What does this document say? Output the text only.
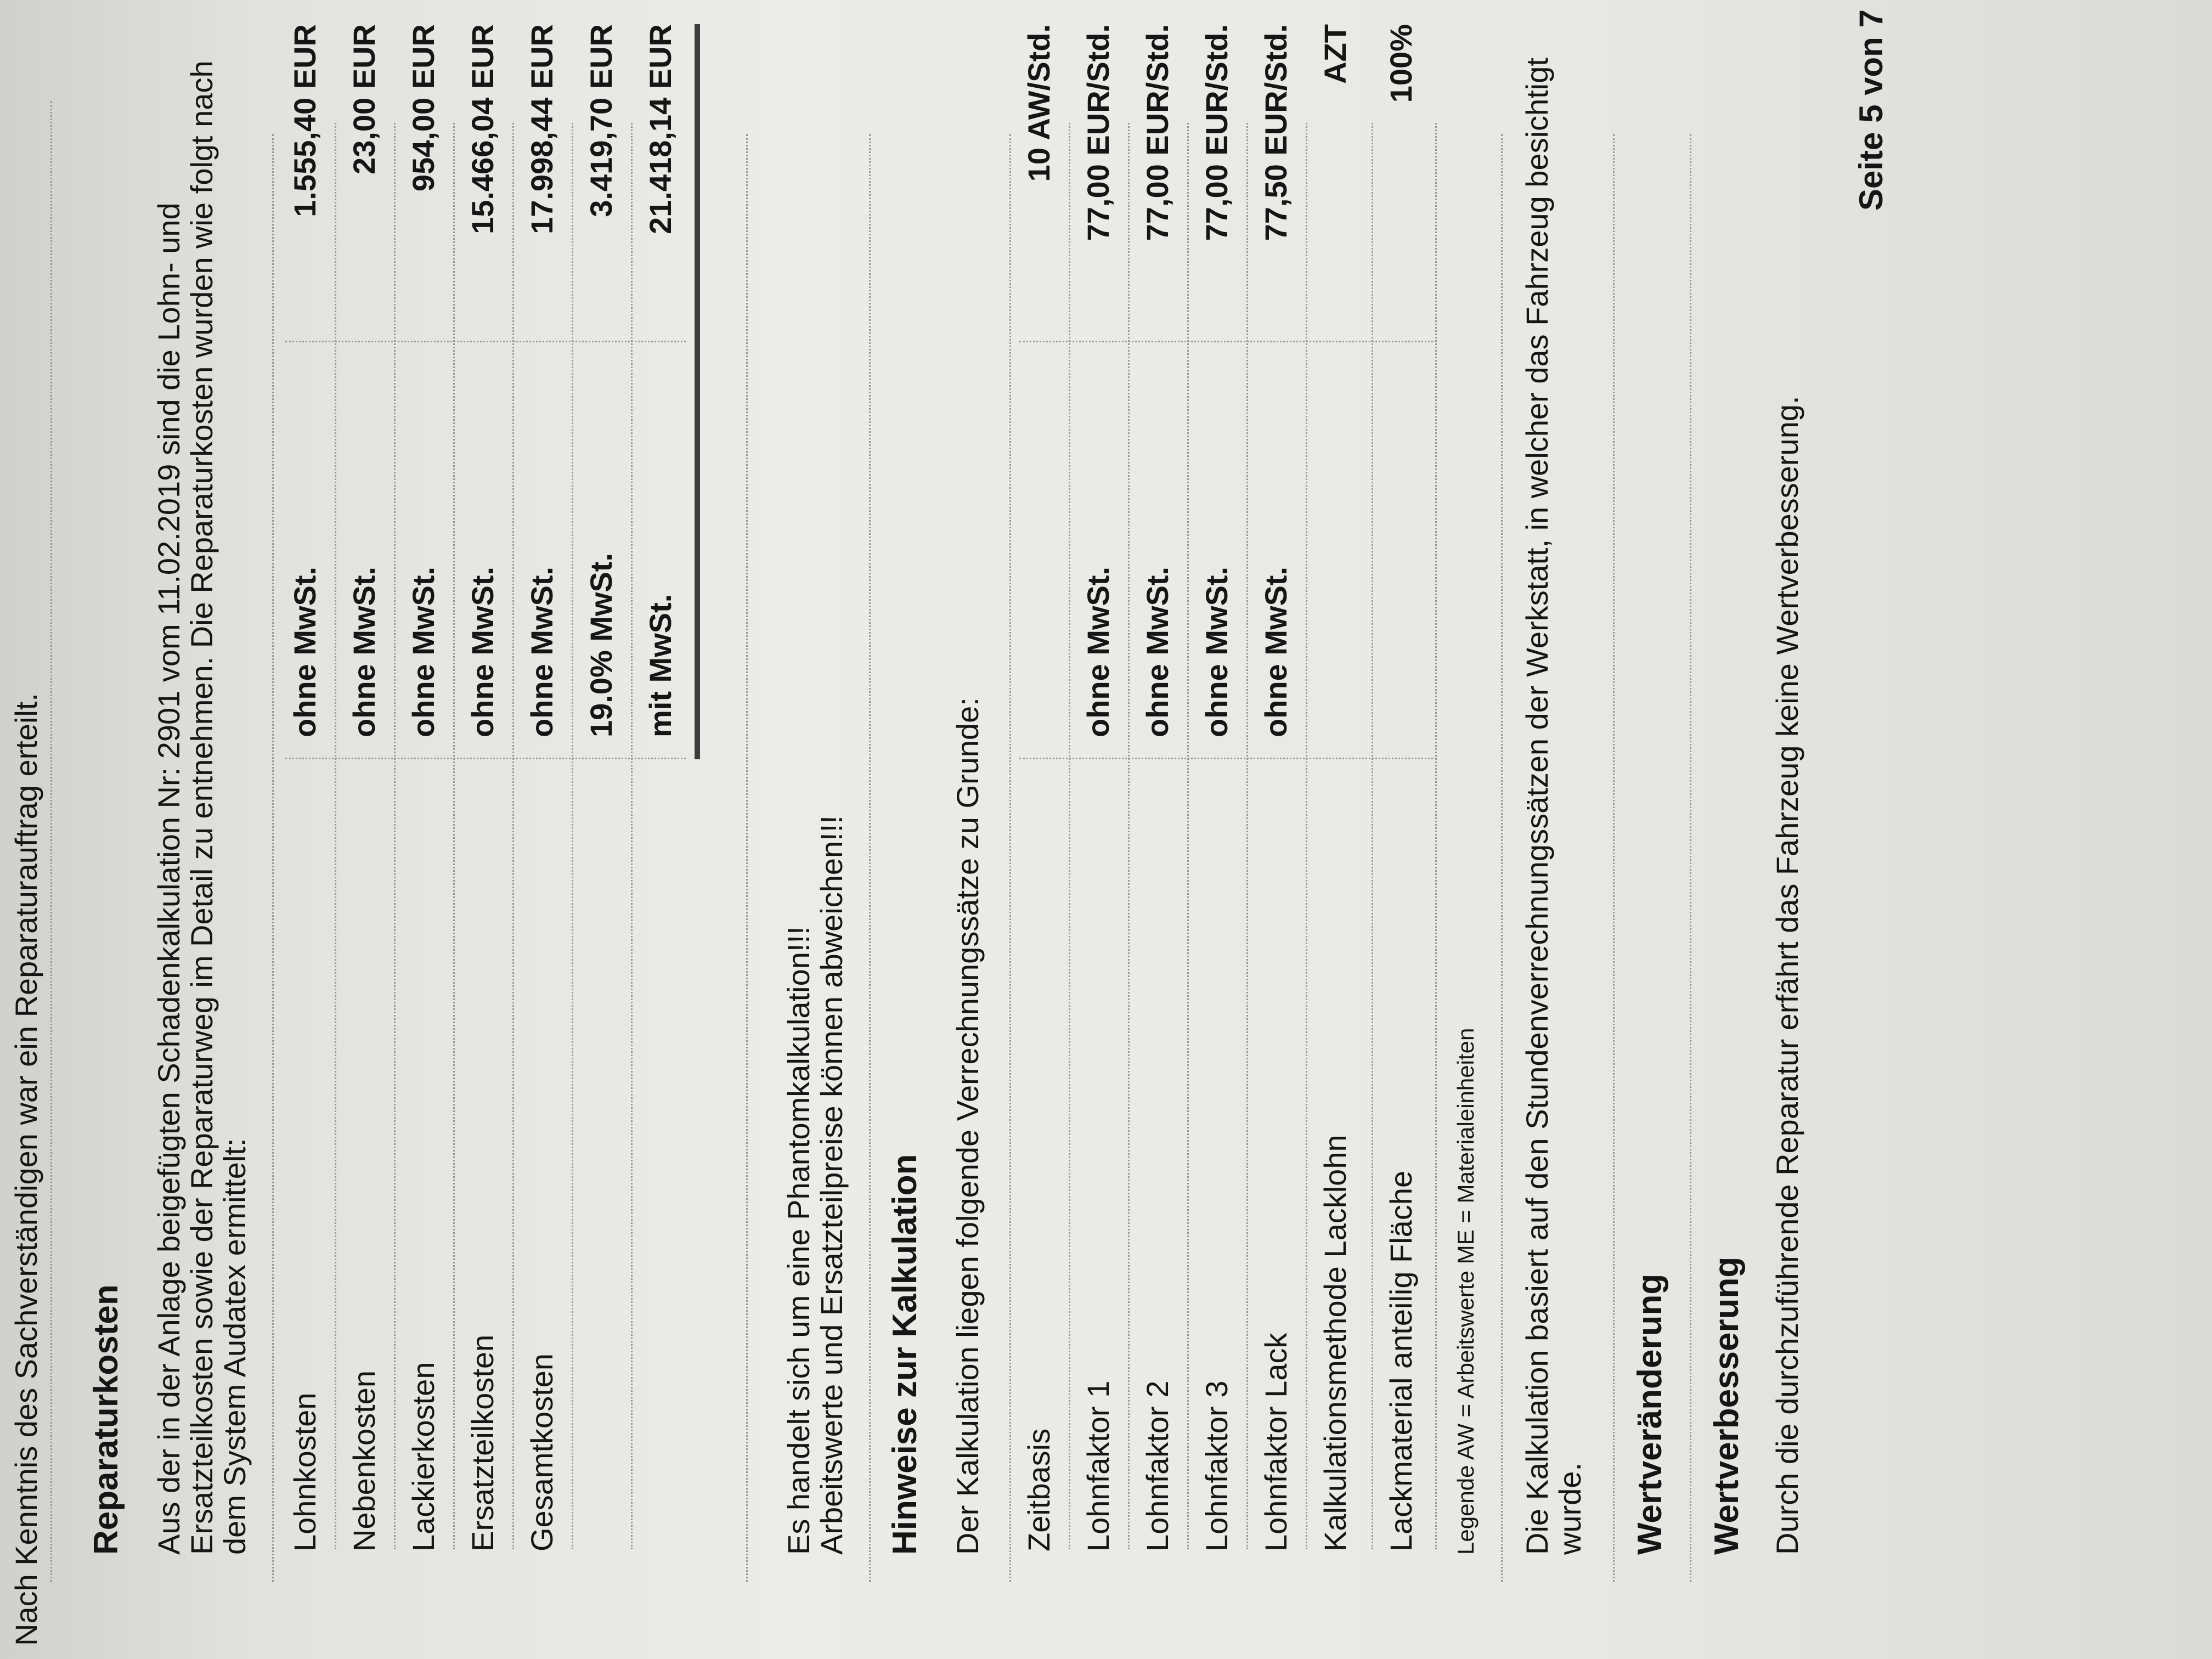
Nach Kenntnis des Sachverständigen war ein Reparaturauftrag erteilt. Reparaturkosten Aus der in der Anlage beigefügten Schadenkalkulation Nr: 2901 vom 11.02.2019 sind die Lohn- und
Ersatzteilkosten sowie der Reparaturweg im Detail zu entnehmen. Die Reparaturkosten wurden wie folgt nach
dem System Audatex ermittelt: Lohnkosten
ohne MwSt.
1.555,40 EUR
Nebenkosten
ohne MwSt.
23,00 EUR
Lackierkosten
ohne MwSt.
954,00 EUR
Ersatzteilkosten
ohne MwSt.
15.466,04 EUR
Gesamtkosten
ohne MwSt.
17.998,44 EUR
19.0% MwSt.
3.419,70 EUR
mit MwSt.
21.418,14 EUR
Es handelt sich um eine Phantomkalkulation!!!
Arbeitswerte und Ersatzteilpreise können abweichen!!! Hinweise zur Kalkulation Der Kalkulation liegen folgende Verrechnungssätze zu Grunde: Zeitbasis
10 AW/Std.
Lohnfaktor 1
ohne MwSt.
77,00 EUR/Std.
Lohnfaktor 2
ohne MwSt.
77,00 EUR/Std.
Lohnfaktor 3
ohne MwSt.
77,00 EUR/Std.
Lohnfaktor Lack
ohne MwSt.
77,50 EUR/Std.
Kalkulationsmethode Lacklohn
AZT
Lackmaterial anteilig Fläche
100%
Legende AW = Arbeitswerte ME = Materialeinheiten Die Kalkulation basiert auf den Stundenverrechnungssätzen der Werkstatt, in welcher das Fahrzeug besichtigt
wurde. Wertveränderung Wertverbesserung Durch die durchzuführende Reparatur erfährt das Fahrzeug keine Wertverbesserung.
Seite 5 von 7
